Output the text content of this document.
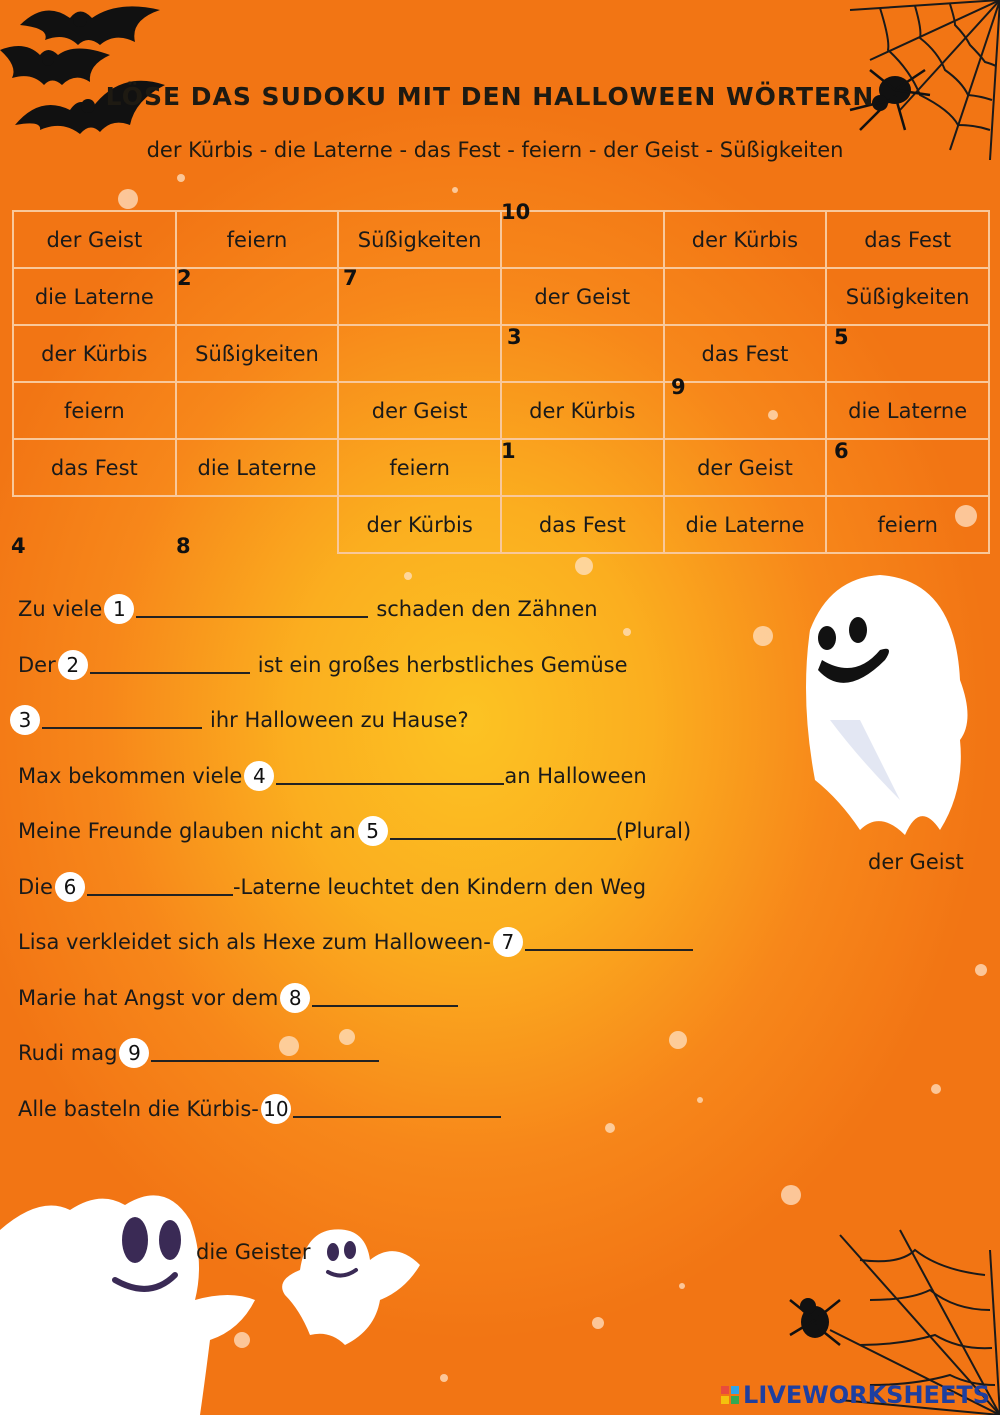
LÖSE DAS SUDOKU MIT DEN HALLOWEEN WÖRTERN
der Kürbis - die Laterne - das Fest - feiern - der Geist - Süßigkeiten
der Geist	feiern	Süßigkeiten		der Kürbis	das Fest
die Laterne			der Geist		Süßigkeiten
der Kürbis	Süßigkeiten			das Fest	
feiern		der Geist	der Kürbis		die Laterne
das Fest	die Laterne	feiern		der Geist	
		der Kürbis	das Fest	die Laterne	feiern
10
2	7
3	5
9
1	6
4	8
Zu viele 1	schaden den Zähnen
Der 2	ist ein großes herbstliches Gemüse
3	ihr Halloween zu Hause?
Max bekommen viele 4	an Halloween
Meine Freunde glauben nicht an 5	(Plural)
Die 6	-Laterne leuchtet den Kindern den Weg
Lisa verkleidet sich als Hexe zum Halloween- 7
Marie hat Angst vor dem 8
Rudi mag 9
Alle basteln die Kürbis- 10
der Geist
die Geister
LIVEWORKSHEETS
